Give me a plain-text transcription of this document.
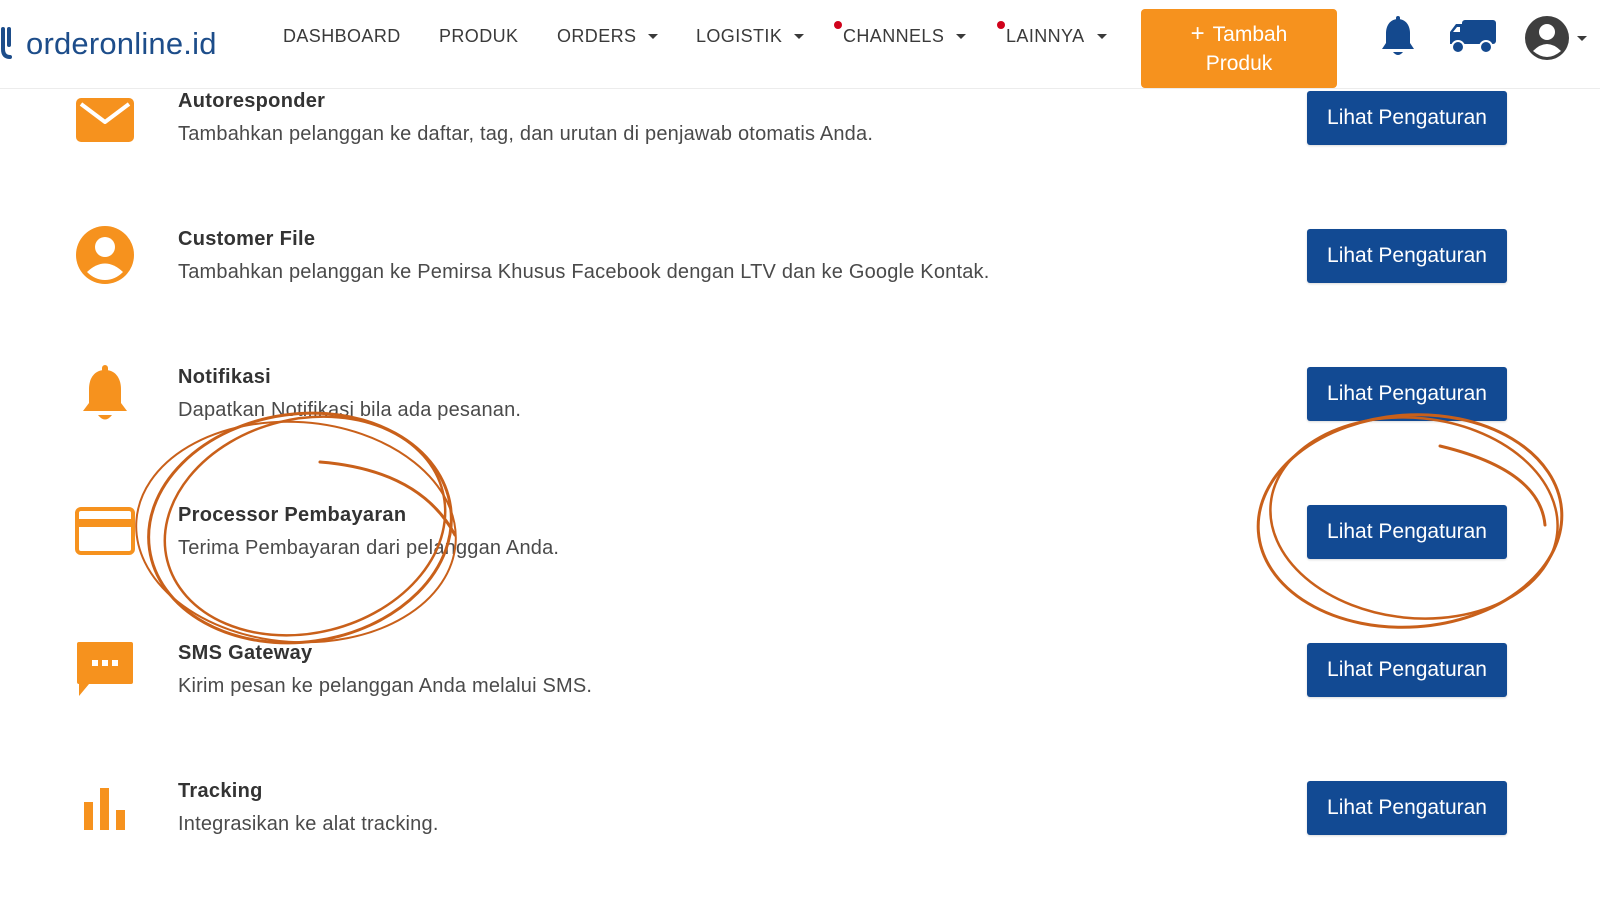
orderonline.id	DASHBOARD PRODUK ORDERS	LOGISTIK	CHANNELS	LAINNYA	+ Tambah
Produk
Autoresponder
Tambahkan pelanggan ke daftar, tag, dan urutan di penjawab otomatis Anda.
Lihat Pengaturan
Customer File
Tambahkan pelanggan ke Pemirsa Khusus Facebook dengan LTV dan ke Google Kontak.
Lihat Pengaturan
Notifikasi
Dapatkan Notifikasi bila ada pesanan.
Lihat Pengaturan
Processor Pembayaran
Terima Pembayaran dari pelanggan Anda.
Lihat Pengaturan
SMS Gateway
Kirim pesan ke pelanggan Anda melalui SMS.
Lihat Pengaturan
Tracking
Integrasikan ke alat tracking.
Lihat Pengaturan
